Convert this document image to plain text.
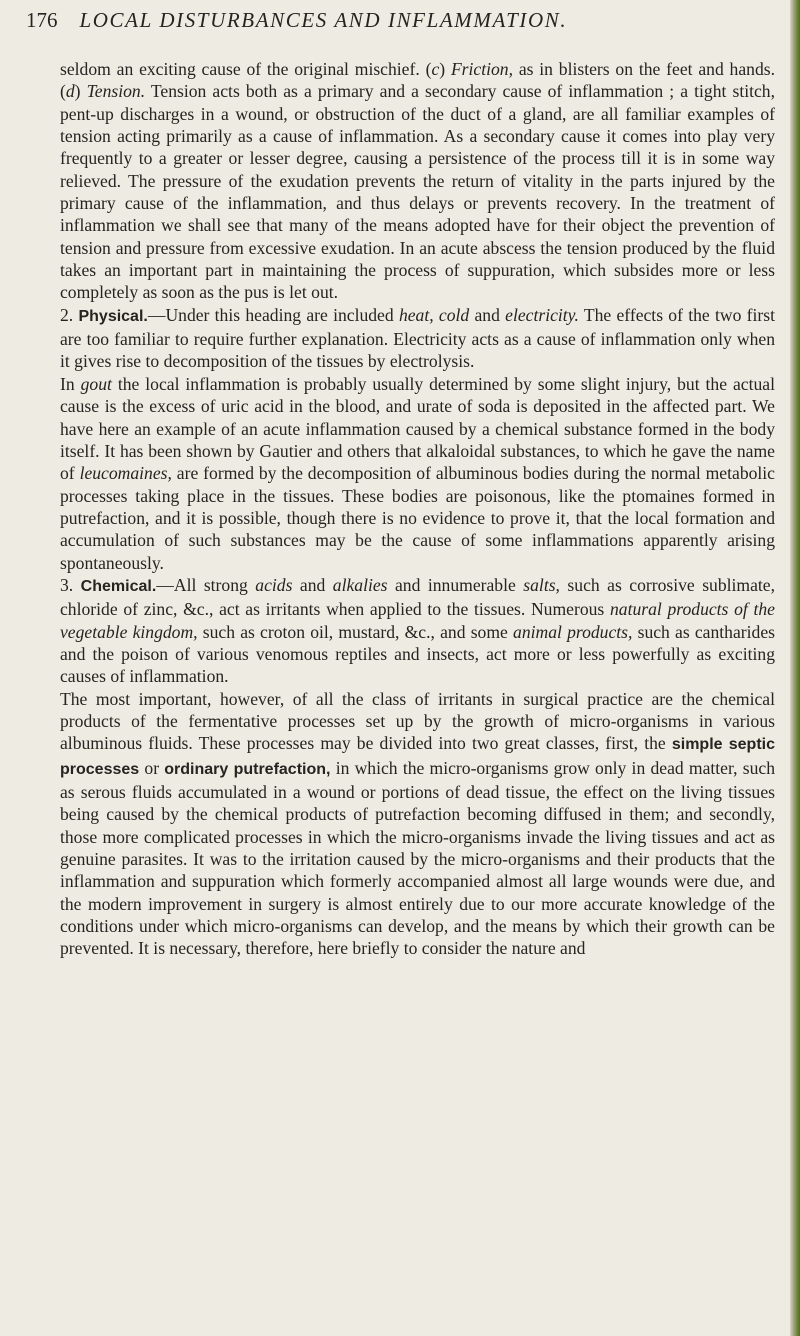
176 LOCAL DISTURBANCES AND INFLAMMATION.

seldom an exciting cause of the original mischief. (c) Friction, as in blisters on the feet and hands. (d) Tension. Tension acts both as a primary and a secondary cause of inflammation ; a tight stitch, pent-up discharges in a wound, or obstruction of the duct of a gland, are all familiar examples of tension acting primarily as a cause of inflammation. As a secondary cause it comes into play very frequently to a greater or lesser degree, causing a persistence of the process till it is in some way relieved. The pressure of the exudation prevents the return of vitality in the parts injured by the primary cause of the inflammation, and thus delays or prevents recovery. In the treatment of inflammation we shall see that many of the means adopted have for their object the prevention of tension and pressure from excessive exudation. In an acute abscess the tension produced by the fluid takes an important part in maintaining the process of suppuration, which subsides more or less completely as soon as the pus is let out.

2. Physical.—Under this heading are included heat, cold and electricity. The effects of the two first are too familiar to require further explanation. Electricity acts as a cause of inflammation only when it gives rise to decomposition of the tissues by electrolysis.

In gout the local inflammation is probably usually determined by some slight injury, but the actual cause is the excess of uric acid in the blood, and urate of soda is deposited in the affected part. We have here an example of an acute inflammation caused by a chemical substance formed in the body itself. It has been shown by Gautier and others that alkaloidal substances, to which he gave the name of leucomaines, are formed by the decomposition of albuminous bodies during the normal metabolic processes taking place in the tissues. These bodies are poisonous, like the ptomaines formed in putrefaction, and it is possible, though there is no evidence to prove it, that the local formation and accumulation of such substances may be the cause of some inflammations apparently arising spontaneously.

3. Chemical.—All strong acids and alkalies and innumerable salts, such as corrosive sublimate, chloride of zinc, &c., act as irritants when applied to the tissues. Numerous natural products of the vegetable kingdom, such as croton oil, mustard, &c., and some animal products, such as cantharides and the poison of various venomous reptiles and insects, act more or less powerfully as exciting causes of inflammation.

The most important, however, of all the class of irritants in surgical practice are the chemical products of the fermentative processes set up by the growth of micro-organisms in various albuminous fluids. These processes may be divided into two great classes, first, the simple septic processes or ordinary putrefaction, in which the micro-organisms grow only in dead matter, such as serous fluids accumulated in a wound or portions of dead tissue, the effect on the living tissues being caused by the chemical products of putrefaction becoming diffused in them; and secondly, those more complicated processes in which the micro-organisms invade the living tissues and act as genuine parasites. It was to the irritation caused by the micro-organisms and their products that the inflammation and suppuration which formerly accompanied almost all large wounds were due, and the modern improvement in surgery is almost entirely due to our more accurate knowledge of the conditions under which micro-organisms can develop, and the means by which their growth can be prevented. It is necessary, therefore, here briefly to consider the nature and
